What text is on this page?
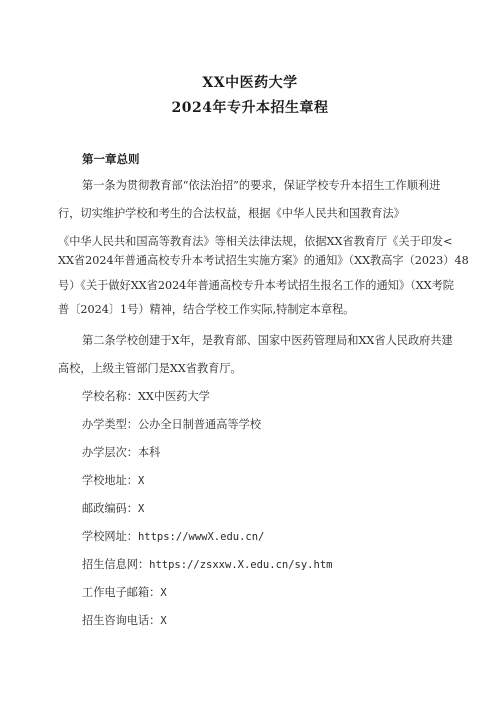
XX中医药大学
2024年专升本招生章程
第一章总则
第一条为贯彻教育部“依法治招”的要求，保证学校专升本招生工作顺利进
行，切实维护学校和考生的合法权益，根据《中华人民共和国教育法》
《中华人民共和国高等教育法》等相关法律法规，依据XX省教育厅《关于印发<
XX省2024年普通高校专升本考试招生实施方案》的通知》（XX教高字（2023）48
号）《关于做好XX省2024年普通高校专升本考试招生报名工作的通知》（XX考院
普〔2024〕1号）精神，结合学校工作实际,特制定本章程。
第二条学校创建于X年，是教育部、国家中医药管理局和XX省人民政府共建
高校，上级主管部门是XX省教育厅。
学校名称：XX中医药大学
办学类型：公办全日制普通高等学校
办学层次：本科
学校地址：X
邮政编码：X
学校网址：https://wwwX.edu.cn/
招生信息网：https://zsxxw.X.edu.cn/sy.htm
工作电子邮箱：X
招生咨询电话：X
